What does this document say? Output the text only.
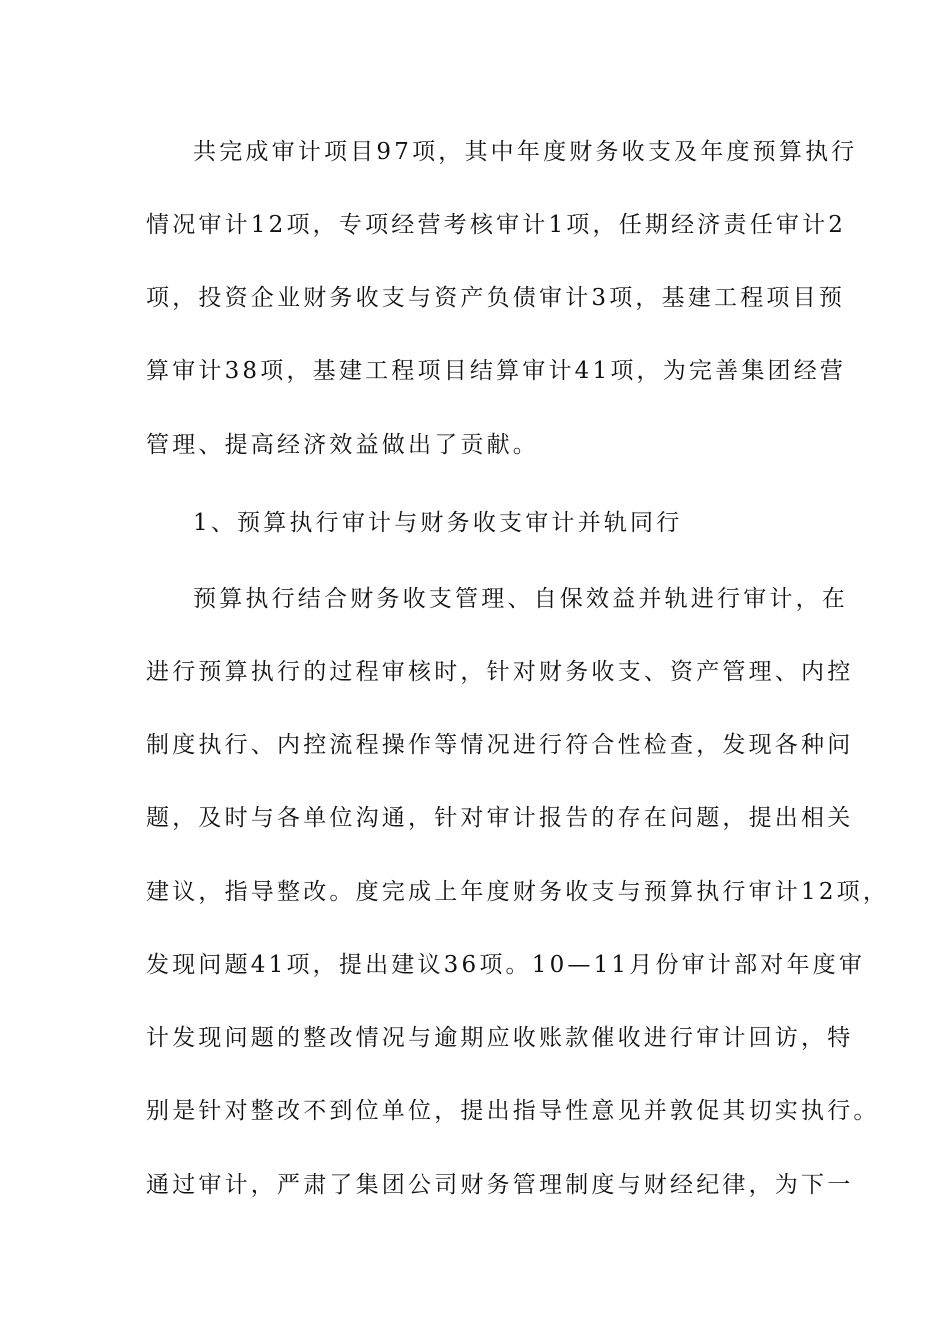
共完成审计项目97项，其中年度财务收支及年度预算执行
情况审计12项，专项经营考核审计1项，任期经济责任审计2
项，投资企业财务收支与资产负债审计3项，基建工程项目预
算审计38项，基建工程项目结算审计41项，为完善集团经营
管理、提高经济效益做出了贡献。
1、预算执行审计与财务收支审计并轨同行
预算执行结合财务收支管理、自保效益并轨进行审计，在
进行预算执行的过程审核时，针对财务收支、资产管理、内控
制度执行、内控流程操作等情况进行符合性检查，发现各种问
题，及时与各单位沟通，针对审计报告的存在问题，提出相关
建议，指导整改。度完成上年度财务收支与预算执行审计12项，
发现问题41项，提出建议36项。10—11月份审计部对年度审
计发现问题的整改情况与逾期应收账款催收进行审计回访，特
别是针对整改不到位单位，提出指导性意见并敦促其切实执行。
通过审计，严肃了集团公司财务管理制度与财经纪律，为下一
